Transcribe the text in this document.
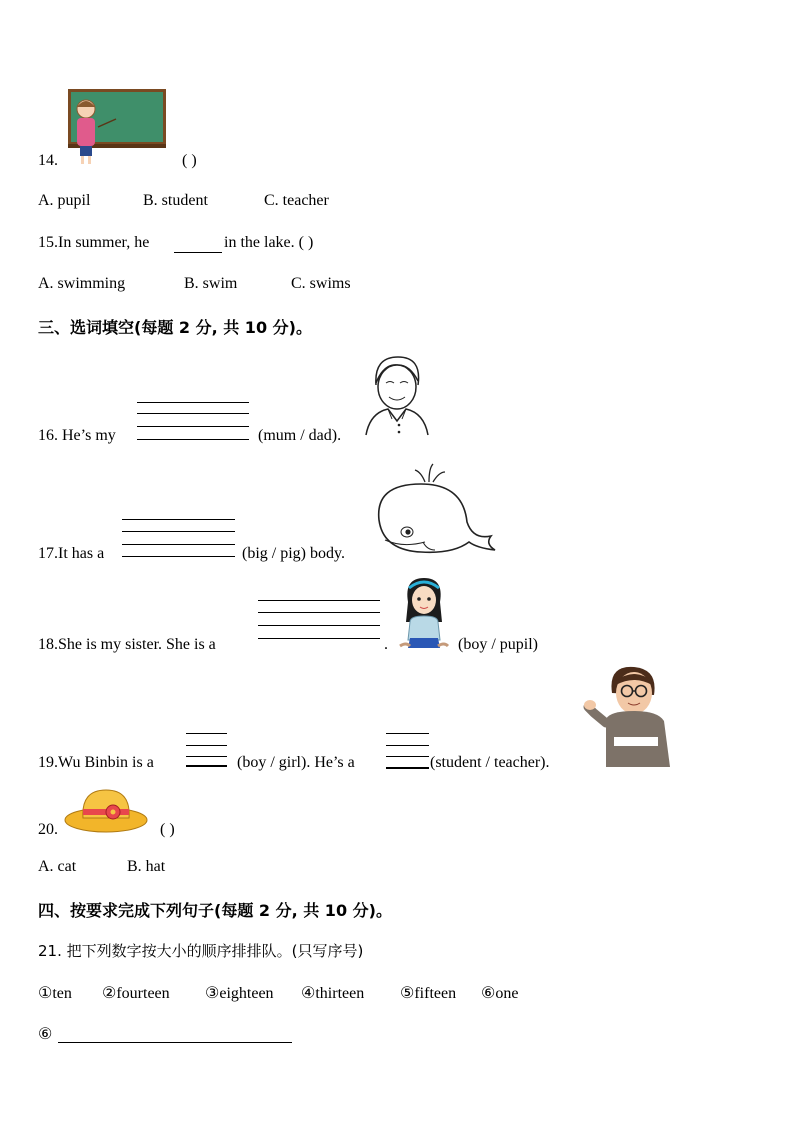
14.	( )
A. pupil	B. student	C. teacher
15.In summer, he	in the lake. ( )
A. swimming	B. swim	C. swims
三、选词填空(每题 2 分, 共 10 分)。
16. He’s my	(mum / dad).
17.It has a	(big / pig) body.
18.She is my sister. She is a	.	(boy / pupil)
19.Wu Binbin is a	(boy / girl). He’s a	(student / teacher).
20.	( )
A. cat	B. hat
四、按要求完成下列句子(每题 2 分, 共 10 分)。
21. 把下列数字按大小的顺序排排队。(只写序号)
①ten ②fourteen ③eighteen ④thirteen ⑤fifteen ⑥one
⑥
